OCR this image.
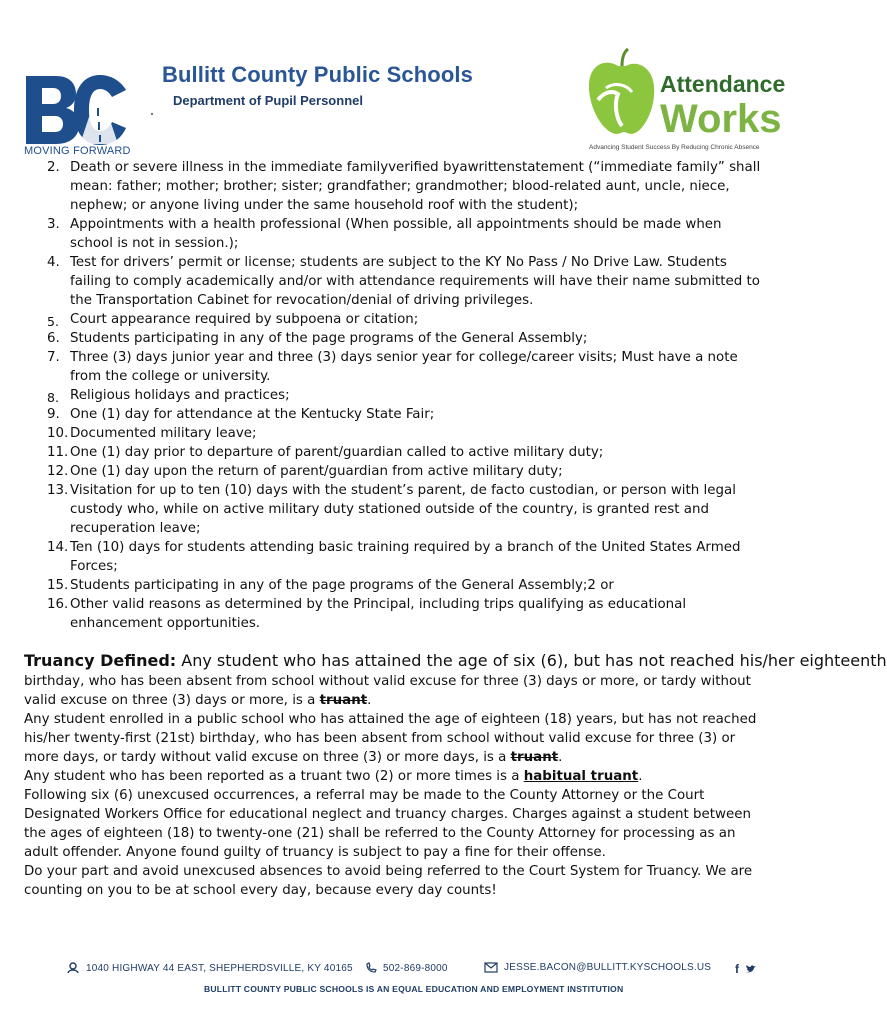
MOVING FORWARD
Bullitt County Public Schools
Department of Pupil Personnel
Attendance
Works
Advancing Student Success By Reducing Chronic Absence
2. Death or severe illness in the immediate familyverified byawrittenstatement (“immediate family” shall mean: father; mother; brother; sister; grandfather; grandmother; blood-related aunt, uncle, niece, nephew; or anyone living under the same household roof with the student);
3. Appointments with a health professional (When possible, all appointments should be made when school is not in session.);
4. Test for drivers’ permit or license; students are subject to the KY No Pass / No Drive Law. Students failing to comply academically and/or with attendance requirements will have their name submitted to the Transportation Cabinet for revocation/denial of driving privileges.
5. Court appearance required by subpoena or citation;
6. Students participating in any of the page programs of the General Assembly;
7. Three (3) days junior year and three (3) days senior year for college/career visits; Must have a note from the college or university.
8. Religious holidays and practices;
9. One (1) day for attendance at the Kentucky State Fair;
10. Documented military leave;
11. One (1) day prior to departure of parent/guardian called to active military duty;
12. One (1) day upon the return of parent/guardian from active military duty;
13. Visitation for up to ten (10) days with the student’s parent, de facto custodian, or person with legal custody who, while on active military duty stationed outside of the country, is granted rest and recuperation leave;
14. Ten (10) days for students attending basic training required by a branch of the United States Armed Forces;
15. Students participating in any of the page programs of the General Assembly;2 or
16. Other valid reasons as determined by the Principal, including trips qualifying as educational enhancement opportunities.
Truancy Defined: Any student who has attained the age of six (6), but has not reached his/her eighteenth

birthday, who has been absent from school without valid excuse for three (3) days or more, or tardy without valid excuse on three (3) days or more, is a truant.

Any student enrolled in a public school who has attained the age of eighteen (18) years, but has not reached his/her twenty-first (21st) birthday, who has been absent from school without valid excuse for three (3) or more days, or tardy without valid excuse on three (3) or more days, is a truant.

Any student who has been reported as a truant two (2) or more times is a habitual truant.

Following six (6) unexcused occurrences, a referral may be made to the County Attorney or the Court Designated Workers Office for educational neglect and truancy charges. Charges against a student between the ages of eighteen (18) to twenty-one (21) shall be referred to the County Attorney for processing as an adult offender. Anyone found guilty of truancy is subject to pay a fine for their offense.

Do your part and avoid unexcused absences to avoid being referred to the Court System for Truancy. We are counting on you to be at school every day, because every day counts!

1040 HIGHWAY 44 EAST, SHEPHERDSVILLE, KY 40165	502-869-8000	JESSE.BACON@BULLITT.KYSCHOOLS.US f
BULLITT COUNTY PUBLIC SCHOOLS IS AN EQUAL EDUCATION AND EMPLOYMENT INSTITUTION
